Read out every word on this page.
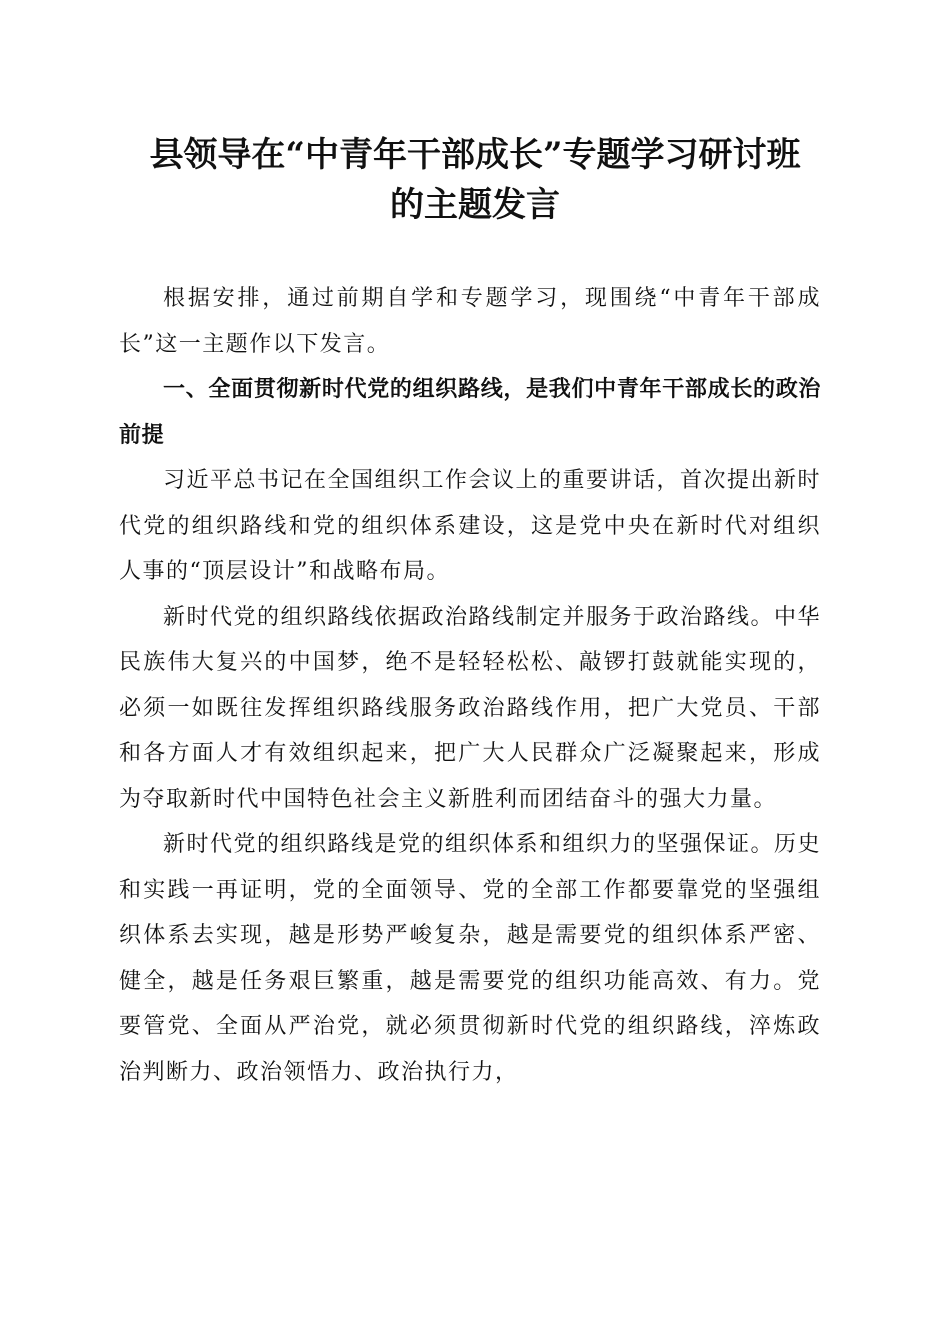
县领导在“中青年干部成长”专题学习研讨班
的主题发言

根据安排，通过前期自学和专题学习，现围绕“中青年干部成长”这一主题作以下发言。

一、全面贯彻新时代党的组织路线，是我们中青年干部成长的政治前提

习近平总书记在全国组织工作会议上的重要讲话，首次提出新时代党的组织路线和党的组织体系建设，这是党中央在新时代对组织人事的“顶层设计”和战略布局。

新时代党的组织路线依据政治路线制定并服务于政治路线。中华民族伟大复兴的中国梦，绝不是轻轻松松、敲锣打鼓就能实现的，必须一如既往发挥组织路线服务政治路线作用，把广大党员、干部和各方面人才有效组织起来，把广大人民群众广泛凝聚起来，形成为夺取新时代中国特色社会主义新胜利而团结奋斗的强大力量。

新时代党的组织路线是党的组织体系和组织力的坚强保证。历史和实践一再证明，党的全面领导、党的全部工作都要靠党的坚强组织体系去实现，越是形势严峻复杂，越是需要党的组织体系严密、健全，越是任务艰巨繁重，越是需要党的组织功能高效、有力。党要管党、全面从严治党，就必须贯彻新时代党的组织路线，淬炼政治判断力、政治领悟力、政治执行力，
